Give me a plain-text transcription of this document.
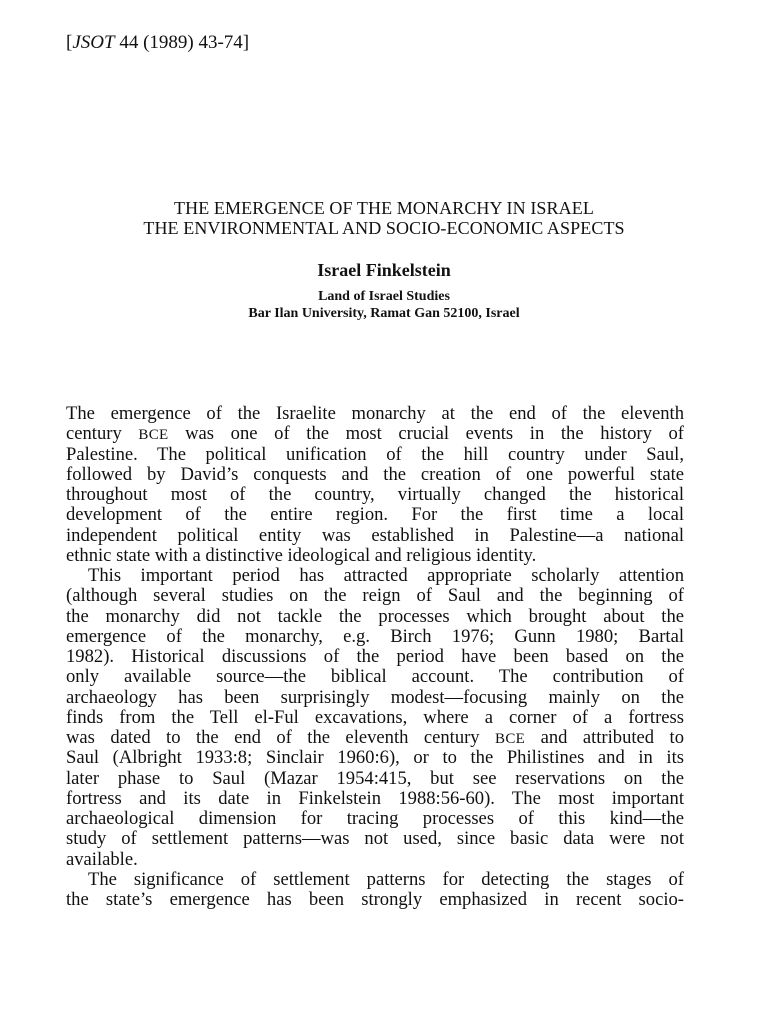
[JSOT 44 (1989) 43-74]
THE EMERGENCE OF THE MONARCHY IN ISRAEL
THE ENVIRONMENTAL AND SOCIO-ECONOMIC ASPECTS
Israel Finkelstein
Land of Israel Studies
Bar Ilan University, Ramat Gan 52100, Israel
The emergence of the Israelite monarchy at the end of the eleventh
century BCE was one of the most crucial events in the history of
Palestine. The political unification of the hill country under Saul,
followed by David’s conquests and the creation of one powerful state
throughout most of the country, virtually changed the historical
development of the entire region. For the first time a local
independent political entity was established in Palestine—a national
ethnic state with a distinctive ideological and religious identity.
This important period has attracted appropriate scholarly attention
(although several studies on the reign of Saul and the beginning of
the monarchy did not tackle the processes which brought about the
emergence of the monarchy, e.g. Birch 1976; Gunn 1980; Bartal
1982). Historical discussions of the period have been based on the
only available source—the biblical account. The contribution of
archaeology has been surprisingly modest—focusing mainly on the
finds from the Tell el-Ful excavations, where a corner of a fortress
was dated to the end of the eleventh century BCE and attributed to
Saul (Albright 1933:8; Sinclair 1960:6), or to the Philistines and in its
later phase to Saul (Mazar 1954:415, but see reservations on the
fortress and its date in Finkelstein 1988:56-60). The most important
archaeological dimension for tracing processes of this kind—the
study of settlement patterns—was not used, since basic data were not
available.
The significance of settlement patterns for detecting the stages of
the state’s emergence has been strongly emphasized in recent socio-
